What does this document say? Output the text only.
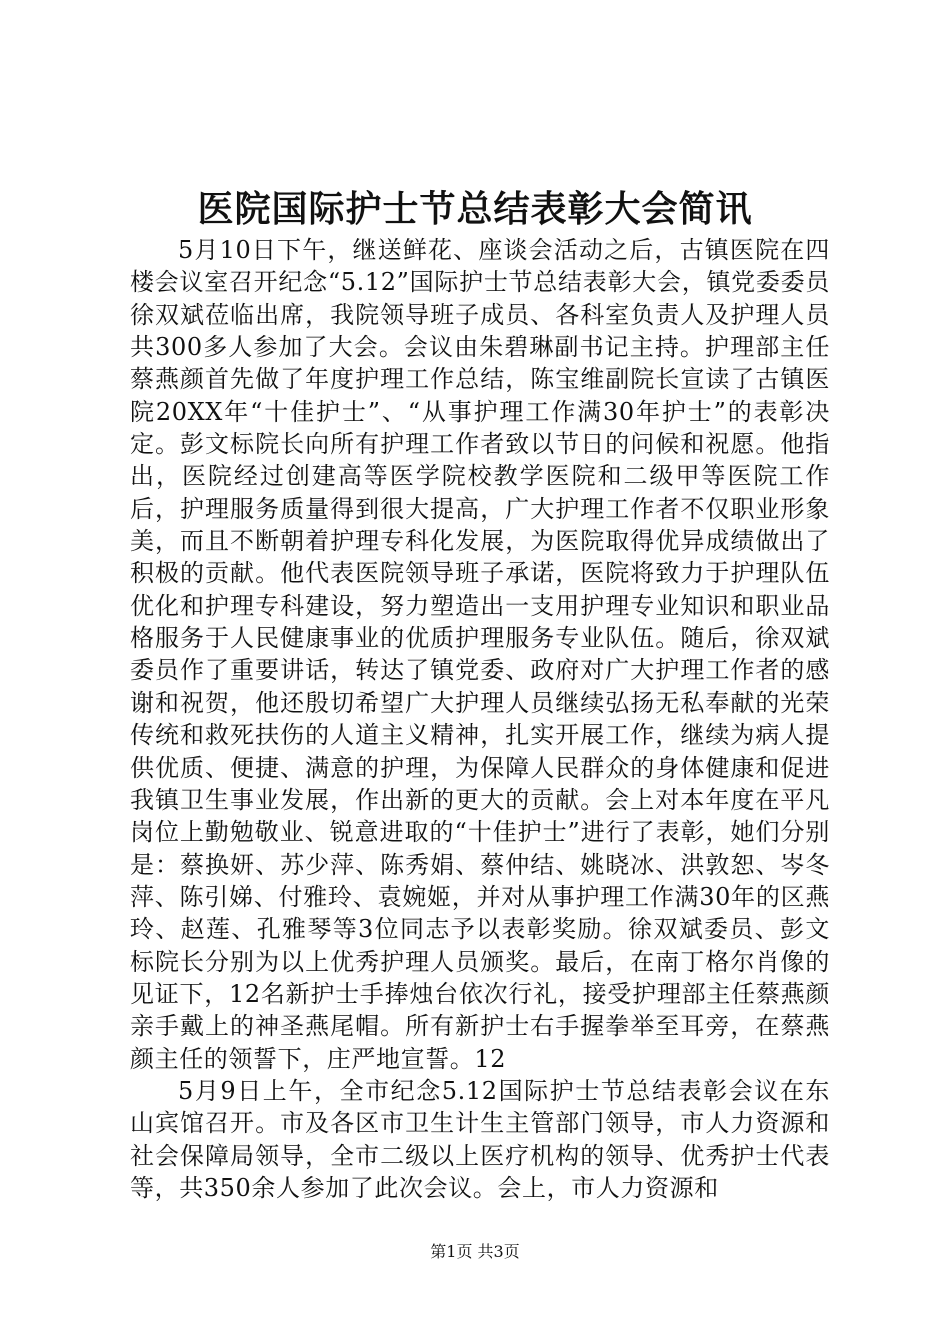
医院国际护士节总结表彰大会简讯

5月10日下午，继送鲜花、座谈会活动之后，古镇医院在四楼会议室召开纪念“5.12”国际护士节总结表彰大会，镇党委委员徐双斌莅临出席，我院领导班子成员、各科室负责人及护理人员共300多人参加了大会。会议由朱碧琳副书记主持。护理部主任蔡燕颜首先做了年度护理工作总结，陈宝维副院长宣读了古镇医院20XX年“十佳护士”、“从事护理工作满30年护士”的表彰决定。彭文标院长向所有护理工作者致以节日的问候和祝愿。他指出，医院经过创建高等医学院校教学医院和二级甲等医院工作后，护理服务质量得到很大提高，广大护理工作者不仅职业形象美，而且不断朝着护理专科化发展，为医院取得优异成绩做出了积极的贡献。他代表医院领导班子承诺，医院将致力于护理队伍优化和护理专科建设，努力塑造出一支用护理专业知识和职业品格服务于人民健康事业的优质护理服务专业队伍。随后，徐双斌委员作了重要讲话，转达了镇党委、政府对广大护理工作者的感谢和祝贺，他还殷切希望广大护理人员继续弘扬无私奉献的光荣传统和救死扶伤的人道主义精神，扎实开展工作，继续为病人提供优质、便捷、满意的护理，为保障人民群众的身体健康和促进我镇卫生事业发展，作出新的更大的贡献。会上对本年度在平凡岗位上勤勉敬业、锐意进取的“十佳护士”进行了表彰，她们分别是：蔡换妍、苏少萍、陈秀娟、蔡仲结、姚晓冰、洪敦恕、岑冬萍、陈引娣、付雅玲、袁婉姬，并对从事护理工作满30年的区燕玲、赵莲、孔雅琴等3位同志予以表彰奖励。徐双斌委员、彭文标院长分别为以上优秀护理人员颁奖。最后，在南丁格尔肖像的见证下，12名新护士手捧烛台依次行礼，接受护理部主任蔡燕颜亲手戴上的神圣燕尾帽。所有新护士右手握拳举至耳旁，在蔡燕颜主任的领誓下，庄严地宣誓。12

5月9日上午，全市纪念5.12国际护士节总结表彰会议在东山宾馆召开。市及各区市卫生计生主管部门领导，市人力资源和社会保障局领导，全市二级以上医疗机构的领导、优秀护士代表等，共350余人参加了此次会议。会上，市人力资源和

第1页 共3页
